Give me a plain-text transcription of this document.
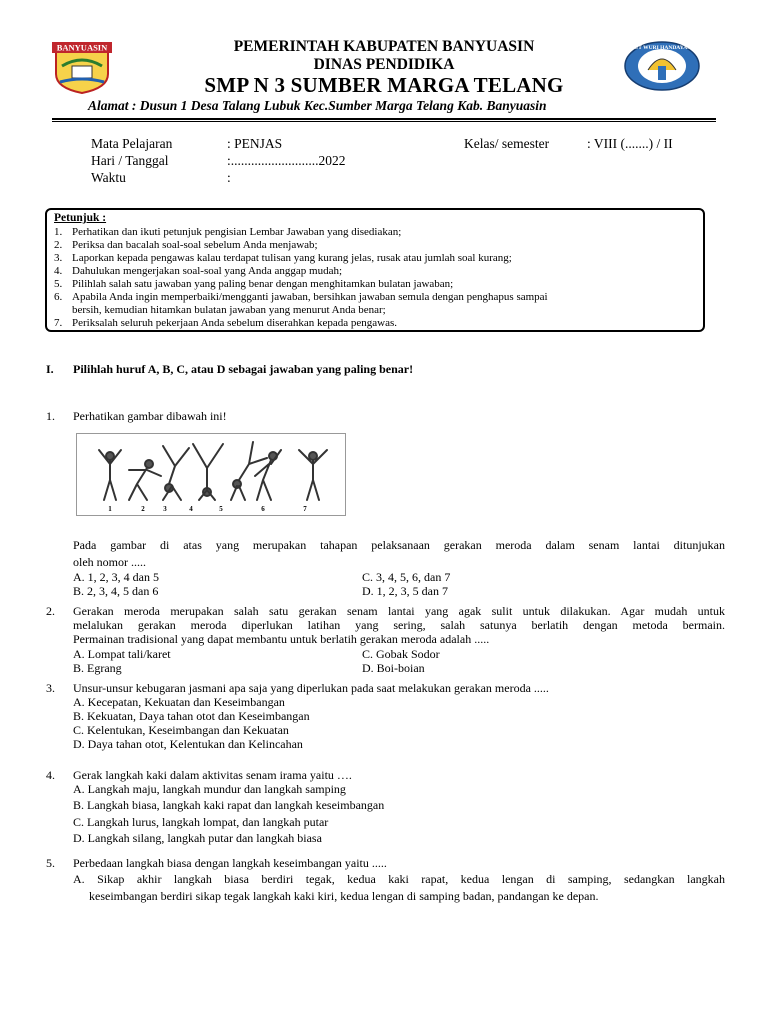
BANYUASIN	TUT WURI HANDAYANI
PEMERINTAH KABUPATEN BANYUASIN
DINAS PENDIDIKA
SMP N 3 SUMBER MARGA TELANG
Alamat : Dusun 1 Desa Talang Lubuk Kec.Sumber Marga Telang Kab. Banyuasin
Mata Pelajaran	: PENJAS
Hari / Tanggal	:..........................2022
Waktu	:
Kelas/ semester	: VIII (.......) / II
Petunjuk :
1. Perhatikan dan ikuti petunjuk pengisian Lembar Jawaban yang disediakan;
2. Periksa dan bacalah soal-soal sebelum Anda menjawab;
3. Laporkan kepada pengawas kalau terdapat tulisan yang kurang jelas, rusak atau jumlah soal kurang;
4. Dahulukan mengerjakan soal-soal yang Anda anggap mudah;
5. Pilihlah salah satu jawaban yang paling benar dengan menghitamkan bulatan jawaban;
6. Apabila Anda ingin memperbaiki/mengganti jawaban, bersihkan jawaban semula dengan penghapus sampai
bersih, kemudian hitamkan bulatan jawaban yang menurut Anda benar;
7. Periksalah seluruh pekerjaan Anda sebelum diserahkan kepada pengawas.
I. Pilihlah huruf A, B, C, atau D sebagai jawaban yang paling benar!
1. Perhatikan gambar dibawah ini!
1	2	3	4	5	6	7
Pada gambar di atas yang merupakan tahapan pelaksanaan gerakan meroda dalam senam lantai ditunjukan
oleh nomor .....
A. 1, 2, 3, 4 dan 5
B. 2, 3, 4, 5 dan 6
C. 3, 4, 5, 6, dan 7
D. 1, 2, 3, 5 dan 7
2. Gerakan meroda merupakan salah satu gerakan senam lantai yang agak sulit untuk dilakukan. Agar mudah untuk
melalukan gerakan meroda diperlukan latihan yang sering, salah satunya berlatih dengan metoda bermain.
Permainan tradisional yang dapat membantu untuk berlatih gerakan meroda adalah .....
A. Lompat tali/karet
B. Egrang
C. Gobak Sodor
D. Boi-boian
3. Unsur-unsur kebugaran jasmani apa saja yang diperlukan pada saat melakukan gerakan meroda .....
A. Kecepatan, Kekuatan dan Keseimbangan
B. Kekuatan, Daya tahan otot dan Keseimbangan
C. Kelentukan, Keseimbangan dan Kekuatan
D. Daya tahan otot, Kelentukan dan Kelincahan
4. Gerak langkah kaki dalam aktivitas senam irama yaitu ….
A. Langkah maju, langkah mundur dan langkah samping
B. Langkah biasa, langkah kaki rapat dan langkah keseimbangan
C. Langkah lurus, langkah lompat, dan langkah putar
D. Langkah silang, langkah putar dan langkah biasa
5. Perbedaan langkah biasa dengan langkah keseimbangan yaitu .....
A. Sikap akhir langkah biasa berdiri tegak, kedua kaki rapat, kedua lengan di samping, sedangkan langkah
keseimbangan berdiri sikap tegak langkah kaki kiri, kedua lengan di samping badan, pandangan ke depan.
